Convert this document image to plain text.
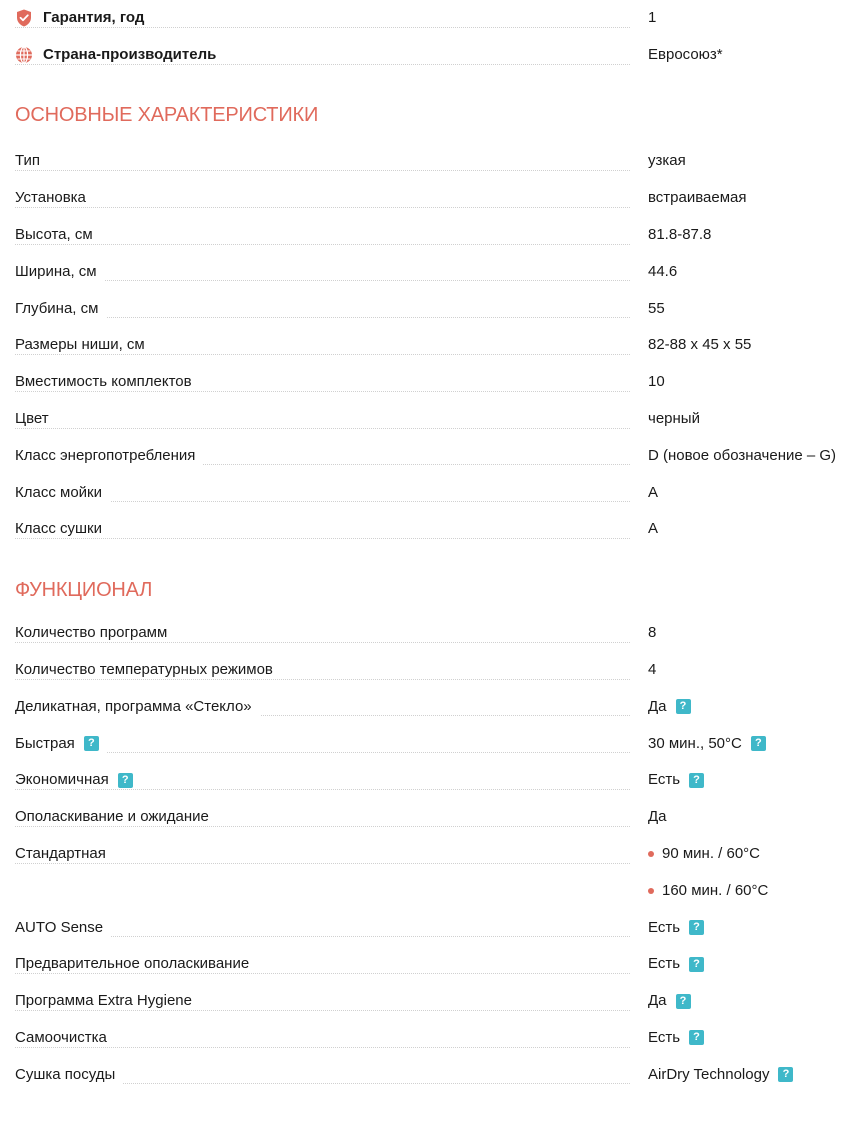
Гарантия, год	1
Страна-производитель	Евросоюз*
ОСНОВНЫЕ ХАРАКТЕРИСТИКИ
Тип	узкая
Установка	встраиваемая
Высота, см	81.8-87.8
Ширина, см	44.6
Глубина, см	55
Размеры ниши, см	82-88 x 45 x 55
Вместимость комплектов	10
Цвет	черный
Класс энергопотребления	D (новое обозначение – G)
Класс мойки	A
Класс сушки	A
ФУНКЦИОНАЛ
Количество программ	8
Количество температурных режимов	4
Деликатная, программа «Стекло»	Да	?
Быстрая	?	30 мин., 50°C	?
Экономичная	?	Есть	?
Ополаскивание и ожидание	Да
Стандартная	90 мин. / 60°C
160 мин. / 60°C
AUTO Sense	Есть	?
Предварительное ополаскивание	Есть	?
Программа Extra Hygiene	Да	?
Самоочистка	Есть	?
Сушка посуды	AirDry Technology	?
